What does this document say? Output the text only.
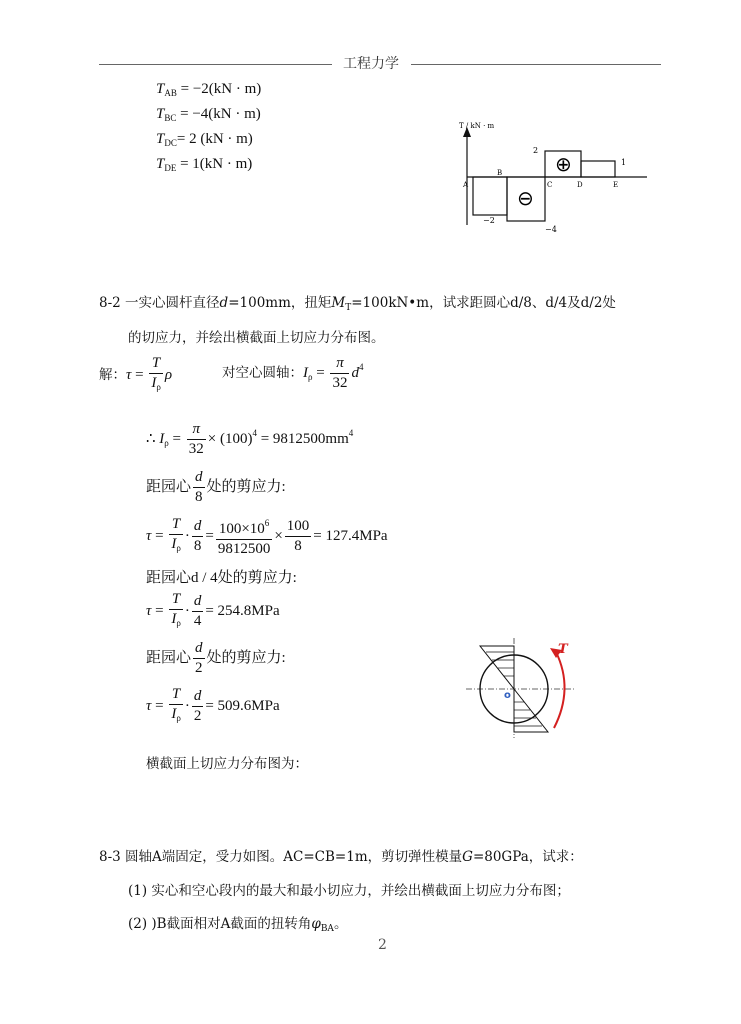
工程力学
$T_{AB} = -2(kN \cdot m)$
$T_{BC} = -4(kN \cdot m)$
$T_{DC}= 2$ (kN · m)
$T_{DE} = 1(kN \cdot m)$
T / kN · m
⊕
⊖
2
1
−2
−4
A
B
C	D	E
8-2 一实心圆杆直径d=100mm，扭矩$M_T=100kN•m$，试求距圆心d/8、d/4及d/2处
的切应力，并绘出横截面上切应力分布图。
解：$\tau = \frac{T}{I_\rho}$ ρ	对空心圆轴：$I_\rho = \frac{\pi}{32} d^4$
∴ $I_\rho = \frac{\pi}{32} \times (100)^4 = 9812500mm^4$
距园心 $\frac{d}{8}$ 处的剪应力:
$\tau = \frac{T}{I_\rho} \cdot \frac{d}{8} = \frac{100\times 10^6}{9812500} \times \frac{100}{8} = 127.4MPa$
距园心d / 4处的剪应力:
$\tau = \frac{T}{I_\rho} \cdot \frac{d}{4} = 254.8MPa$
距园心 $\frac{d}{2}$ 处的剪应力:
$\tau = \frac{T}{I_\rho} \cdot \frac{d}{2} = 509.6MPa$
T
o
横截面上切应力分布图为：
8-3 圆轴A端固定，受力如图。AC=CB=1m，剪切弹性模量G=80GPa，试求：
(1) 实心和空心段内的最大和最小切应力，并绘出横截面上切应力分布图；
(2) )B截面相对A截面的扭转角$\varphi_{BA}$。
2
